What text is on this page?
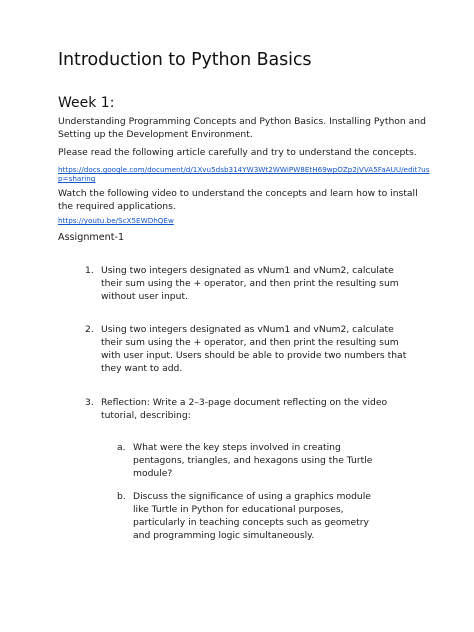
Introduction to Python Basics
Week 1:

Understanding Programming Concepts and Python Basics. Installing Python and Setting up the Development Environment.

Please read the following article carefully and try to understand the concepts.

https://docs.google.com/document/d/1Xvu5dsb314YW3Wt2WWiPW8EtH69wpOZp2jVVA5FaAUU/edit?usp=sharing

Watch the following video to understand the concepts and learn how to install the required applications.

https://youtu.be/ScX5EWDhQEw

Assignment-1

1. Using two integers designated as vNum1 and vNum2, calculate their sum using the + operator, and then print the resulting sum without user input.

2. Using two integers designated as vNum1 and vNum2, calculate their sum using the + operator, and then print the resulting sum with user input. Users should be able to provide two numbers that they want to add.

3. Reflection: Write a 2–3-page document reflecting on the video tutorial, describing:

a. What were the key steps involved in creating pentagons, triangles, and hexagons using the Turtle module?

b. Discuss the significance of using a graphics module like Turtle in Python for educational purposes, particularly in teaching concepts such as geometry and programming logic simultaneously.
